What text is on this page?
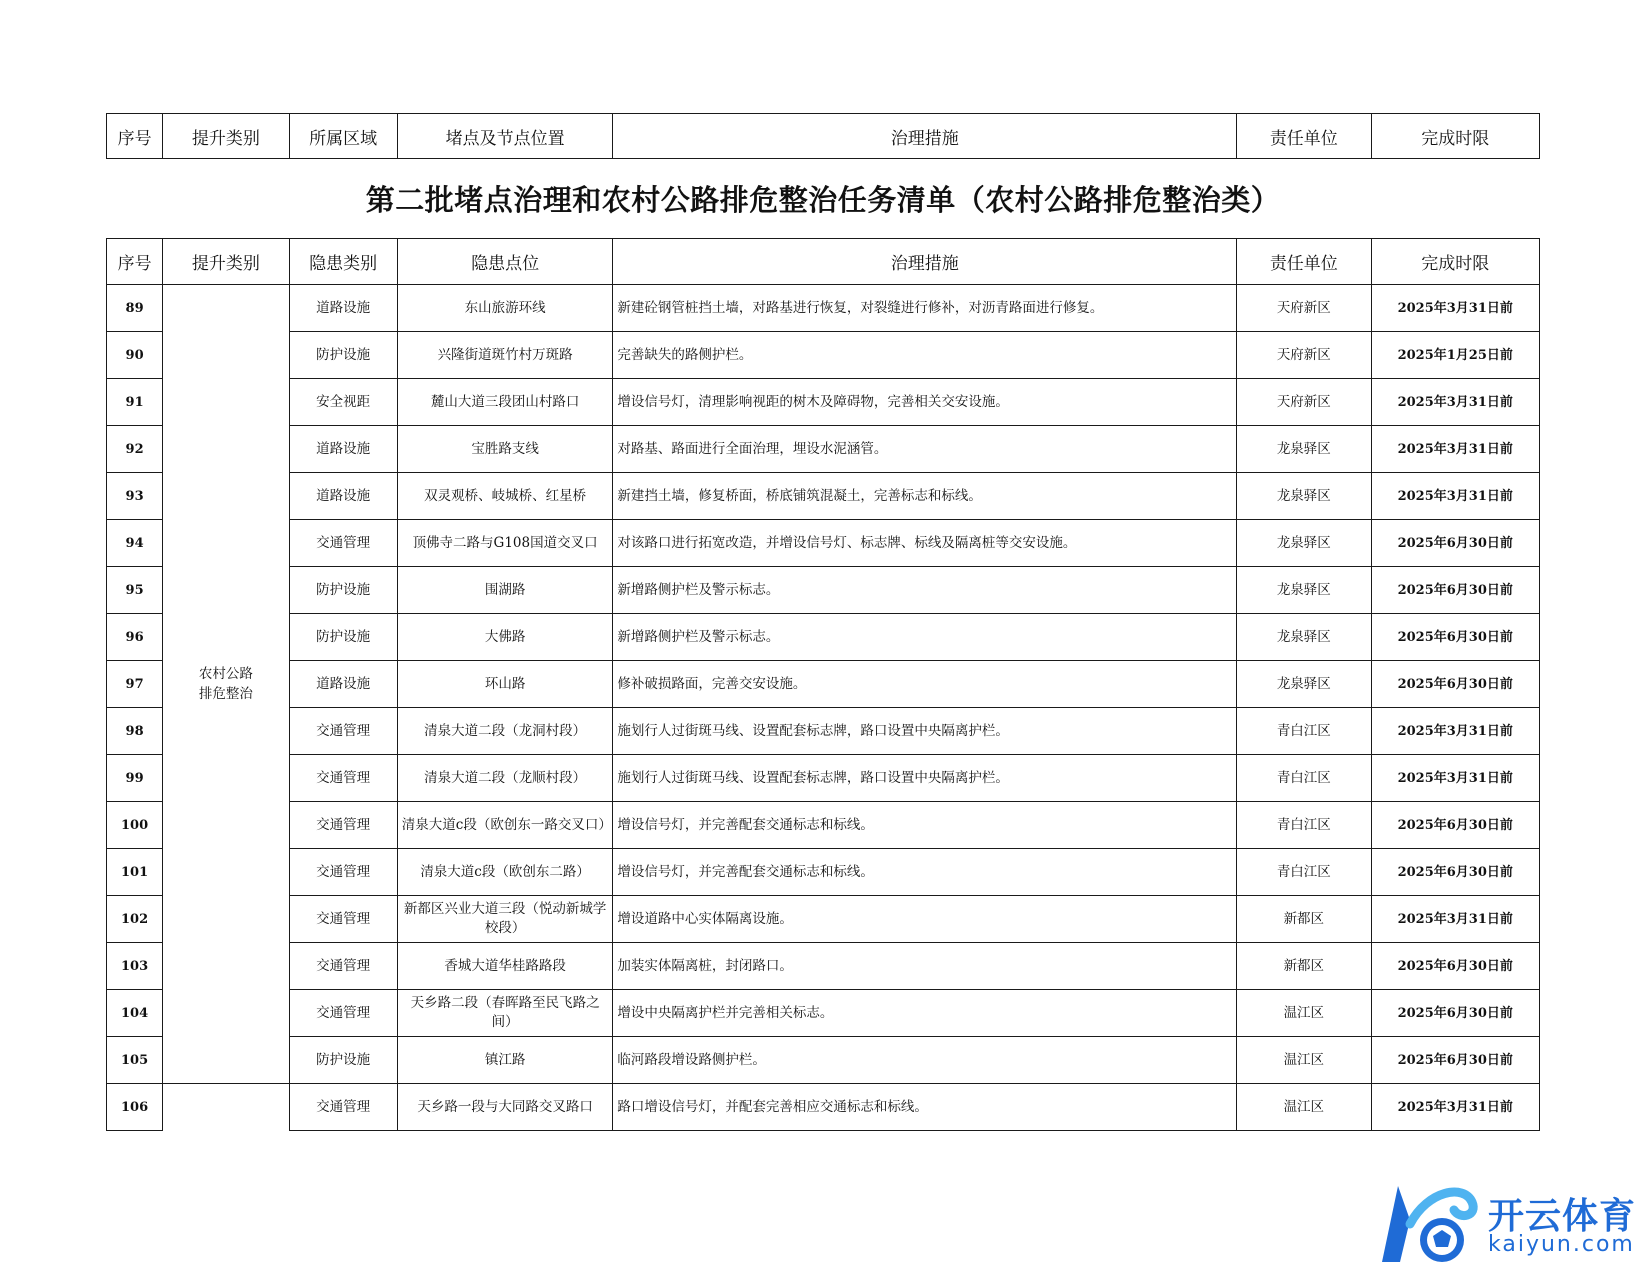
序号	提升类别	所属区域	堵点及节点位置	治理措施	责任单位	完成时限
第二批堵点治理和农村公路排危整治任务清单（农村公路排危整治类）
序号	提升类别	隐患类别	隐患点位	治理措施	责任单位	完成时限
89	农村公路排危整治	道路设施	东山旅游环线	新建砼钢管桩挡土墙，对路基进行恢复，对裂缝进行修补，对沥青路面进行修复。	天府新区	2025年3月31日前
90		防护设施	兴隆街道斑竹村万斑路	完善缺失的路侧护栏。	天府新区	2025年1月25日前
91		安全视距	麓山大道三段团山村路口	增设信号灯，清理影响视距的树木及障碍物，完善相关交安设施。	天府新区	2025年3月31日前
92		道路设施	宝胜路支线	对路基、路面进行全面治理，埋设水泥涵管。	龙泉驿区	2025年3月31日前
93		道路设施	双灵观桥、岐城桥、红星桥	新建挡土墙，修复桥面，桥底铺筑混凝土，完善标志和标线。	龙泉驿区	2025年3月31日前
94		交通管理	顶佛寺二路与G108国道交叉口	对该路口进行拓宽改造，并增设信号灯、标志牌、标线及隔离桩等交安设施。	龙泉驿区	2025年6月30日前
95		防护设施	围湖路	新增路侧护栏及警示标志。	龙泉驿区	2025年6月30日前
96		防护设施	大佛路	新增路侧护栏及警示标志。	龙泉驿区	2025年6月30日前
97		道路设施	环山路	修补破损路面，完善交安设施。	龙泉驿区	2025年6月30日前
98		交通管理	清泉大道二段（龙洞村段）	施划行人过街斑马线、设置配套标志牌，路口设置中央隔离护栏。	青白江区	2025年3月31日前
99		交通管理	清泉大道二段（龙顺村段）	施划行人过街斑马线、设置配套标志牌，路口设置中央隔离护栏。	青白江区	2025年3月31日前
100		交通管理	清泉大道c段（欧创东一路交叉口）	增设信号灯，并完善配套交通标志和标线。	青白江区	2025年6月30日前
101		交通管理	清泉大道c段（欧创东二路）	增设信号灯，并完善配套交通标志和标线。	青白江区	2025年6月30日前
102		交通管理	新都区兴业大道三段（悦动新城学校段）	增设道路中心实体隔离设施。	新都区	2025年3月31日前
103		交通管理	香城大道华桂路路段	加装实体隔离桩，封闭路口。	新都区	2025年6月30日前
104		交通管理	天乡路二段（春晖路至民飞路之间）	增设中央隔离护栏并完善相关标志。	温江区	2025年6月30日前
105		防护设施	镇江路	临河路段增设路侧护栏。	温江区	2025年6月30日前
106		交通管理	天乡路一段与大同路交叉路口	路口增设信号灯，并配套完善相应交通标志和标线。	温江区	2025年3月31日前
开云体育
kaiyun.com
